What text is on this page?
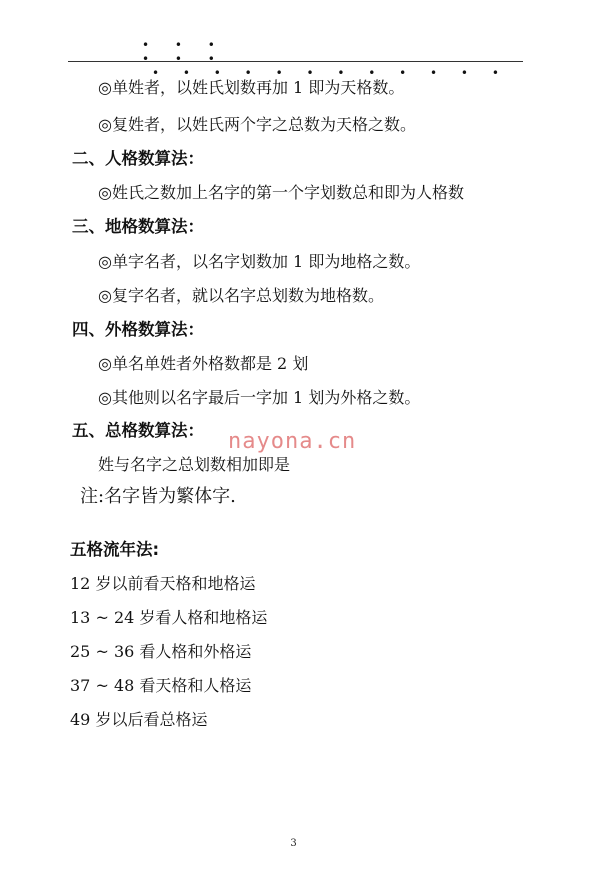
• • • • • • • • • • • • • • • • • •
◎单姓者，以姓氏划数再加 1 即为天格数。
◎复姓者，以姓氏两个字之总数为天格之数。
二、人格数算法：
◎姓氏之数加上名字的第一个字划数总和即为人格数
三、地格数算法：
◎单字名者，以名字划数加 1 即为地格之数。
◎复字名者，就以名字总划数为地格数。
四、外格数算法：
◎单名单姓者外格数都是 2 划
◎其他则以名字最后一字加 1 划为外格之数。
五、总格数算法： nayona.cn
姓与名字之总划数相加即是
注:名字皆为繁体字.
五格流年法:
12 岁以前看天格和地格运
13 ~ 24 岁看人格和地格运
25 ~ 36 看人格和外格运
37 ~ 48 看天格和人格运
49 岁以后看总格运
3
